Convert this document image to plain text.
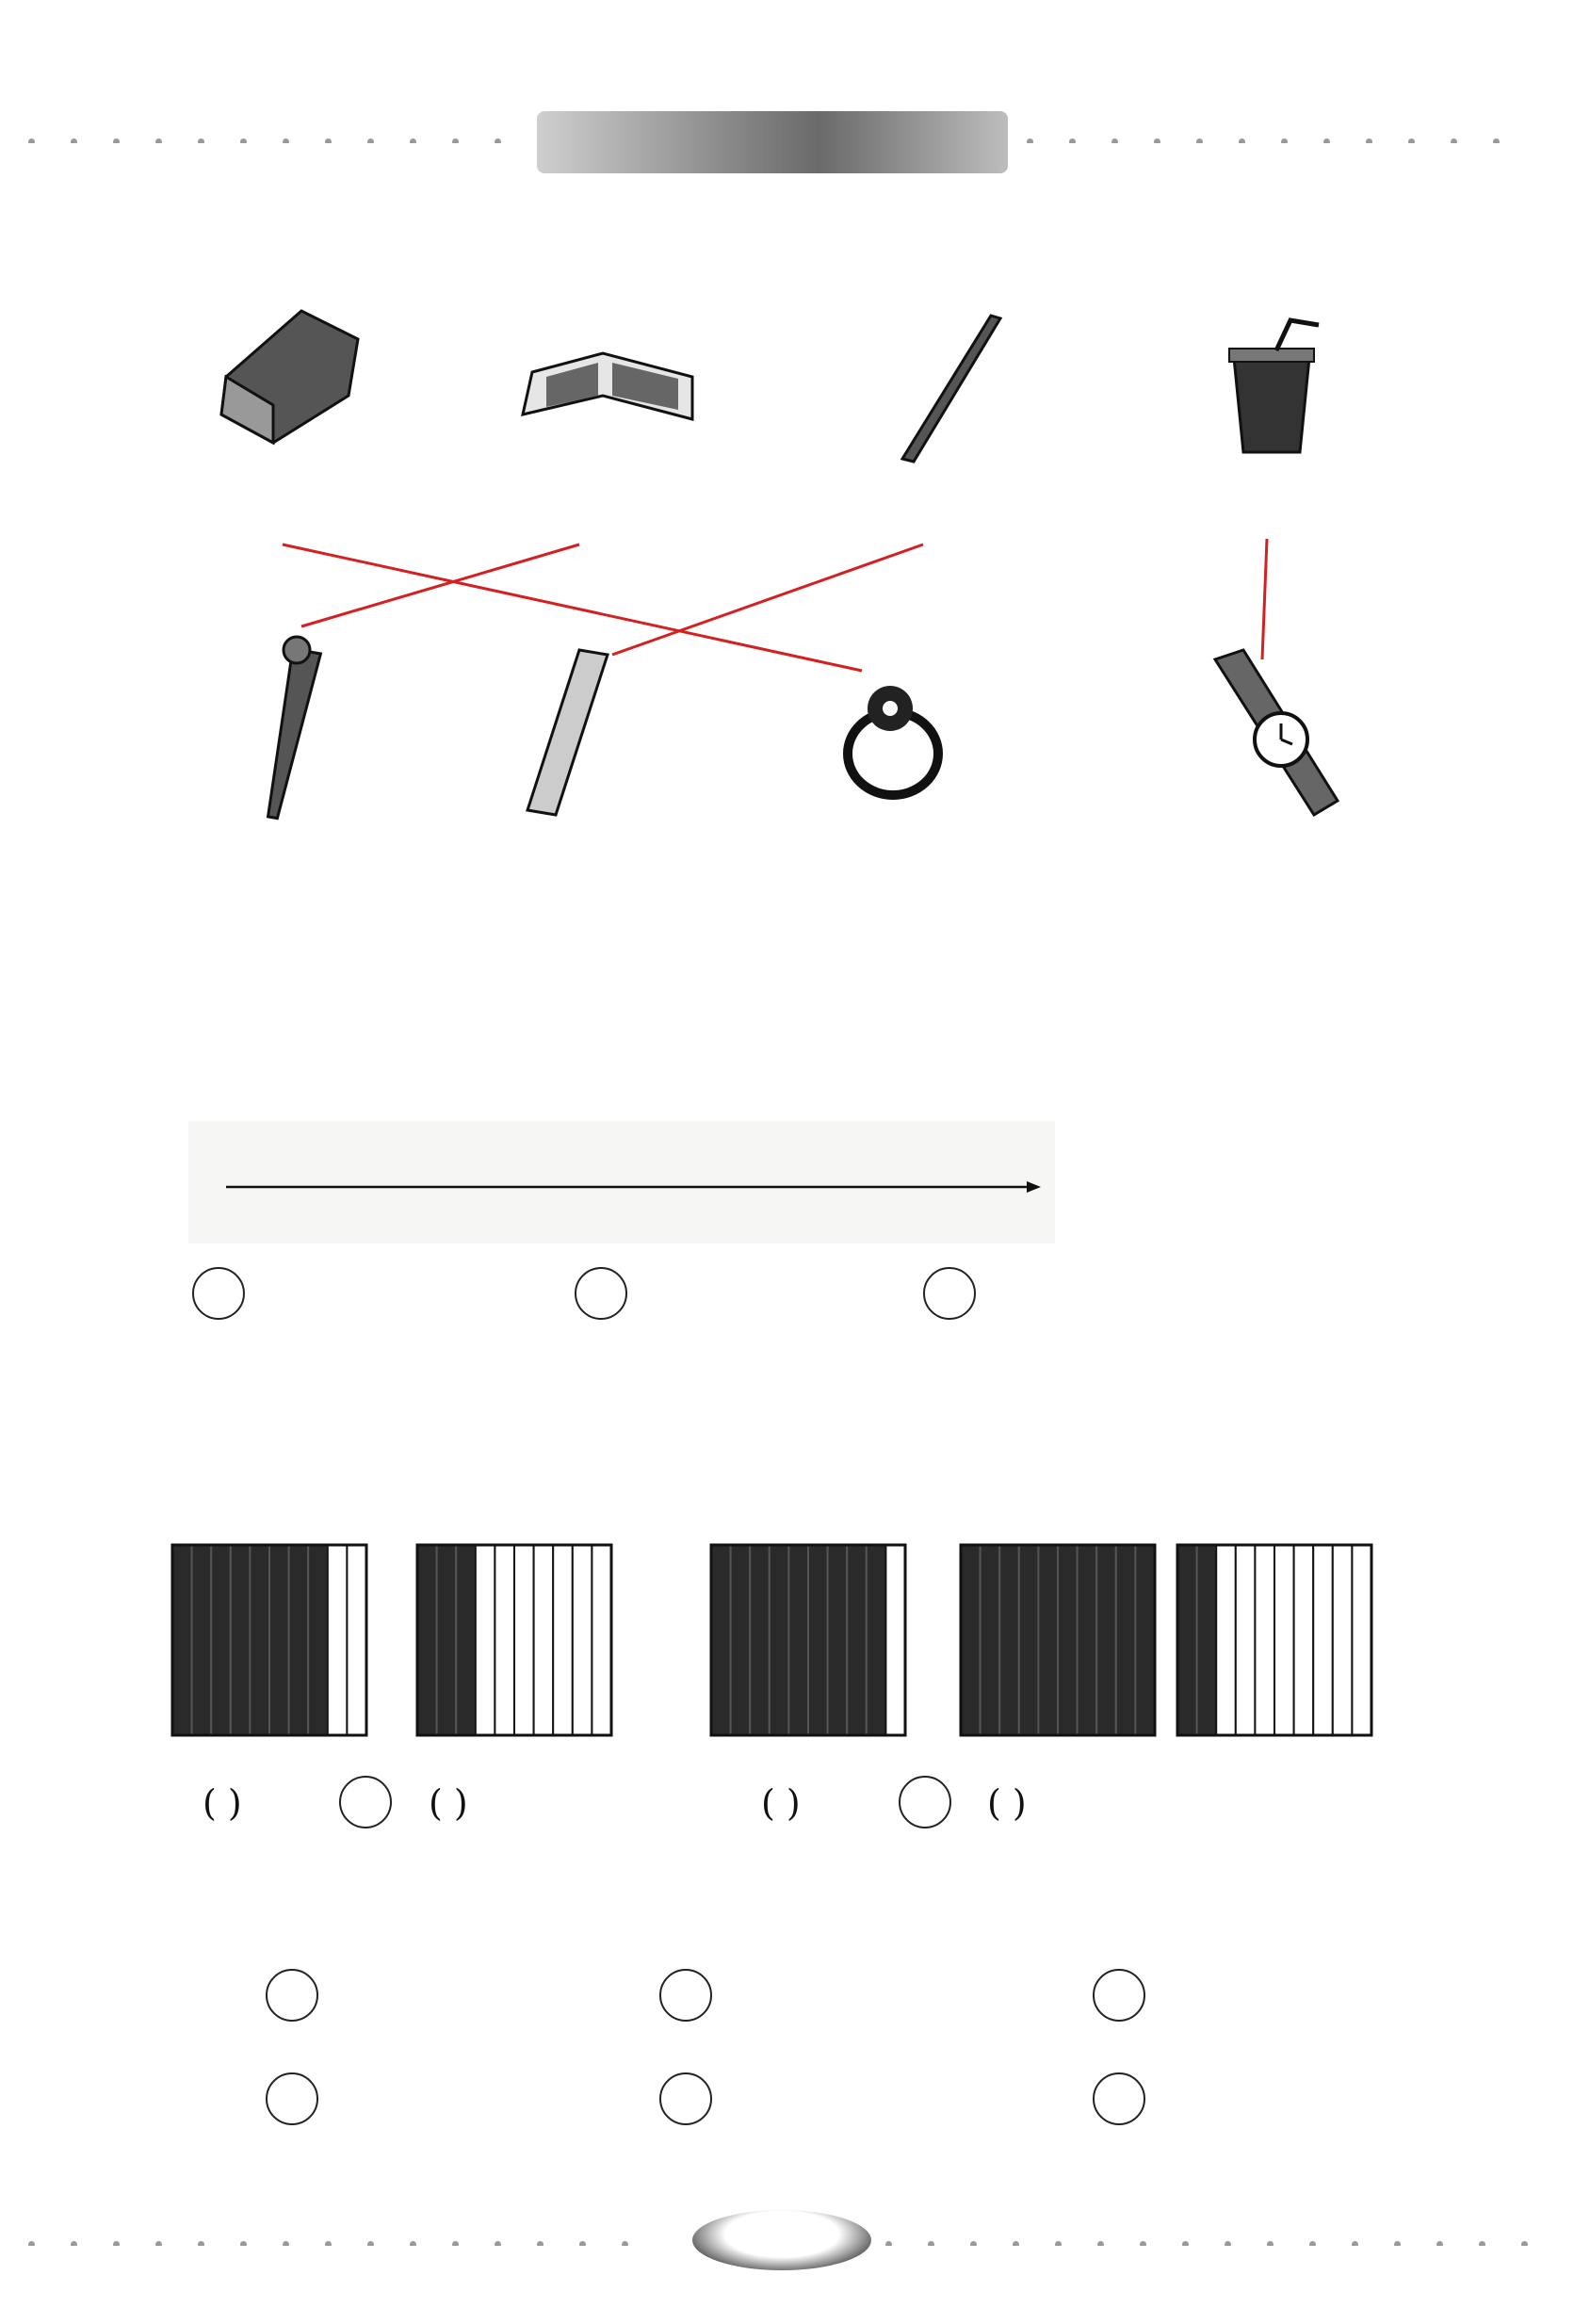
( )	( )	( )	( )
